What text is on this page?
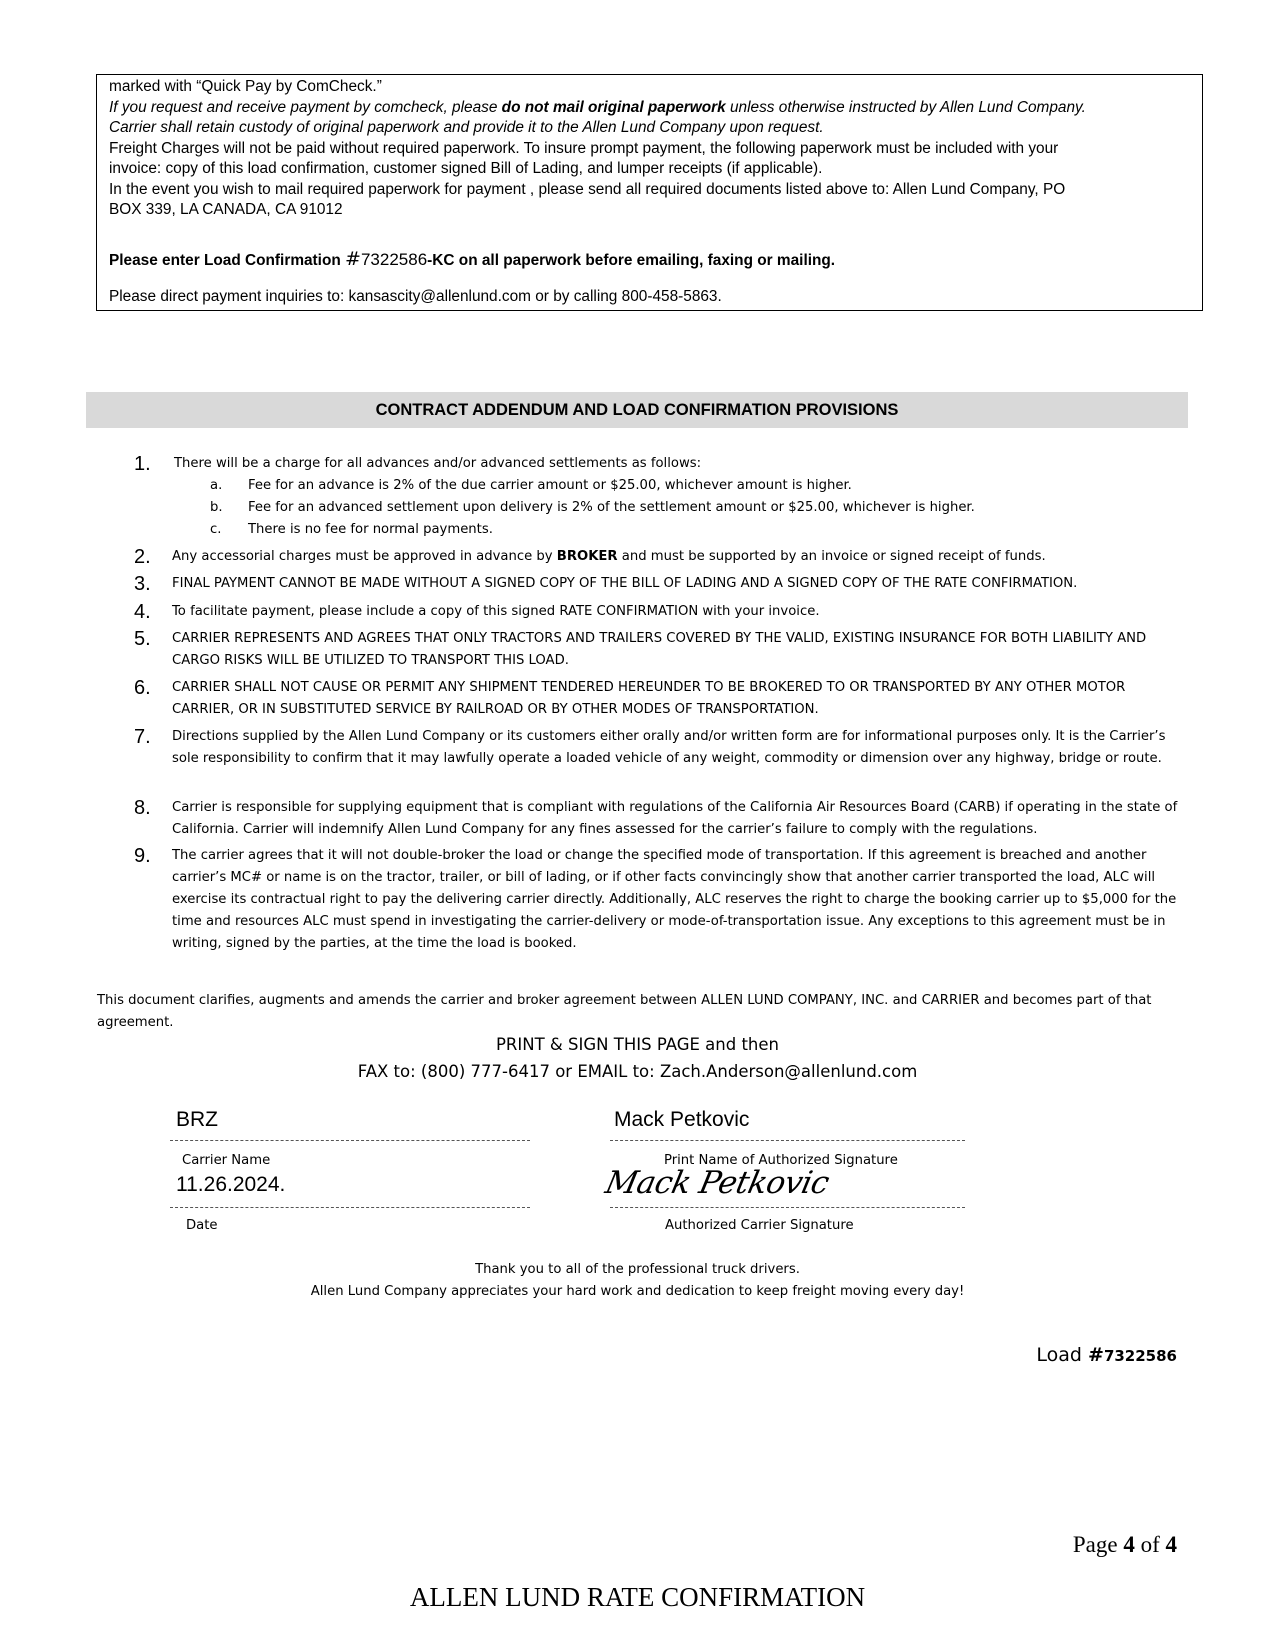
marked with “Quick Pay by ComCheck.”
If you request and receive payment by comcheck, please do not mail original paperwork unless otherwise instructed by Allen Lund Company.
Carrier shall retain custody of original paperwork and provide it to the Allen Lund Company upon request.
Freight Charges will not be paid without required paperwork. To insure prompt payment, the following paperwork must be included with your
invoice: copy of this load confirmation, customer signed Bill of Lading, and lumper receipts (if applicable).
In the event you wish to mail required paperwork for payment , please send all required documents listed above to: Allen Lund Company, PO
BOX 339, LA CANADA, CA 91012
Please enter Load Confirmation #7322586-KC on all paperwork before emailing, faxing or mailing.
Please direct payment inquiries to: kansascity@allenlund.com or by calling 800-458-5863.
CONTRACT ADDENDUM AND LOAD CONFIRMATION PROVISIONS
1. There will be a charge for all advances and/or advanced settlements as follows:
a. Fee for an advance is 2% of the due carrier amount or $25.00, whichever amount is higher.
b. Fee for an advanced settlement upon delivery is 2% of the settlement amount or $25.00, whichever is higher.
c. There is no fee for normal payments.
2. Any accessorial charges must be approved in advance by BROKER and must be supported by an invoice or signed receipt of funds.
3. FINAL PAYMENT CANNOT BE MADE WITHOUT A SIGNED COPY OF THE BILL OF LADING AND A SIGNED COPY OF THE RATE CONFIRMATION.
4. To facilitate payment, please include a copy of this signed RATE CONFIRMATION with your invoice.
5. CARRIER REPRESENTS AND AGREES THAT ONLY TRACTORS AND TRAILERS COVERED BY THE VALID, EXISTING INSURANCE FOR BOTH LIABILITY AND CARGO RISKS WILL BE UTILIZED TO TRANSPORT THIS LOAD.
6. CARRIER SHALL NOT CAUSE OR PERMIT ANY SHIPMENT TENDERED HEREUNDER TO BE BROKERED TO OR TRANSPORTED BY ANY OTHER MOTOR CARRIER, OR IN SUBSTITUTED SERVICE BY RAILROAD OR BY OTHER MODES OF TRANSPORTATION.
7. Directions supplied by the Allen Lund Company or its customers either orally and/or written form are for informational purposes only. It is the Carrier’s sole responsibility to confirm that it may lawfully operate a loaded vehicle of any weight, commodity or dimension over any highway, bridge or route.
8. Carrier is responsible for supplying equipment that is compliant with regulations of the California Air Resources Board (CARB) if operating in the state of California. Carrier will indemnify Allen Lund Company for any fines assessed for the carrier’s failure to comply with the regulations.
9. The carrier agrees that it will not double-broker the load or change the specified mode of transportation. If this agreement is breached and another carrier’s MC# or name is on the tractor, trailer, or bill of lading, or if other facts convincingly show that another carrier transported the load, ALC will exercise its contractual right to pay the delivering carrier directly. Additionally, ALC reserves the right to charge the booking carrier up to $5,000 for the time and resources ALC must spend in investigating the carrier-delivery or mode-of-transportation issue. Any exceptions to this agreement must be in writing, signed by the parties, at the time the load is booked.
This document clarifies, augments and amends the carrier and broker agreement between ALLEN LUND COMPANY, INC. and CARRIER and becomes part of that agreement.
PRINT & SIGN THIS PAGE and then
FAX to: (800) 777-6417 or EMAIL to: Zach.Anderson@allenlund.com
BRZ
Carrier Name
Mack Petkovic
Print Name of Authorized Signature
11.26.2024.
Date
Mack Petkovic
Authorized Carrier Signature
Thank you to all of the professional truck drivers.
Allen Lund Company appreciates your hard work and dedication to keep freight moving every day!
Load #7322586
Page 4 of 4
ALLEN LUND RATE CONFIRMATION
